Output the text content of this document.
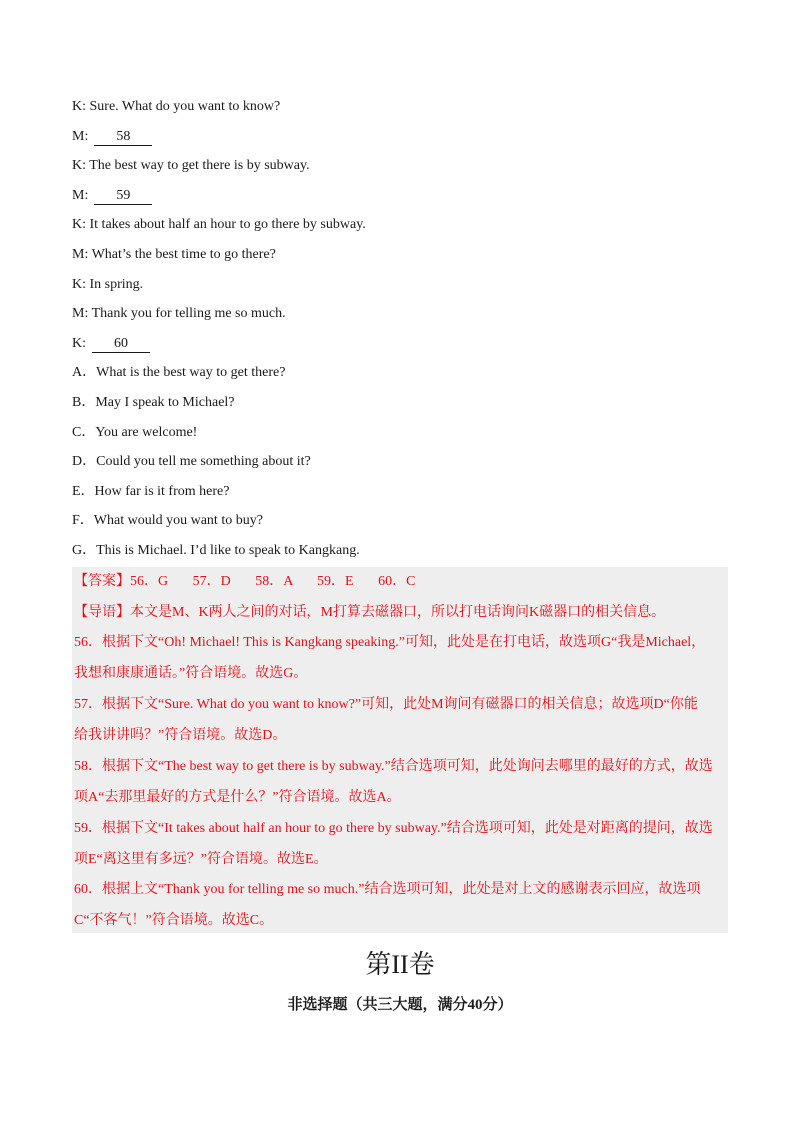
K: Sure. What do you want to know?
M: 58
K: The best way to get there is by subway.
M: 59
K: It takes about half an hour to go there by subway.
M: What’s the best time to go there?
K: In spring.
M: Thank you for telling me so much.
K: 60
A．What is the best way to get there?
B．May I speak to Michael?
C．You are welcome!
D．Could you tell me something about it?
E．How far is it from here?
F．What would you want to buy?
G．This is Michael. I’d like to speak to Kangkang.
【答案】56．G       57．D       58．A       59．E       60．C
【导语】本文是M、K两人之间的对话，M打算去磁器口，所以打电话询问K磁器口的相关信息。
56．根据下文“Oh! Michael! This is Kangkang speaking.”可知，此处是在打电话，故选项G“我是Michael，
我想和康康通话。”符合语境。故选G。
57．根据下文“Sure. What do you want to know?”可知，此处M询问有磁器口的相关信息；故选项D“你能
给我讲讲吗？”符合语境。故选D。
58．根据下文“The best way to get there is by subway.”结合选项可知，此处询问去哪里的最好的方式，故选
项A“去那里最好的方式是什么？”符合语境。故选A。
59．根据下文“It takes about half an hour to go there by subway.”结合选项可知，此处是对距离的提问，故选
项E“离这里有多远？”符合语境。故选E。
60．根据上文“Thank you for telling me so much.”结合选项可知，此处是对上文的感谢表示回应，故选项
C“不客气！”符合语境。故选C。
第II卷
非选择题（共三大题，满分40分）
